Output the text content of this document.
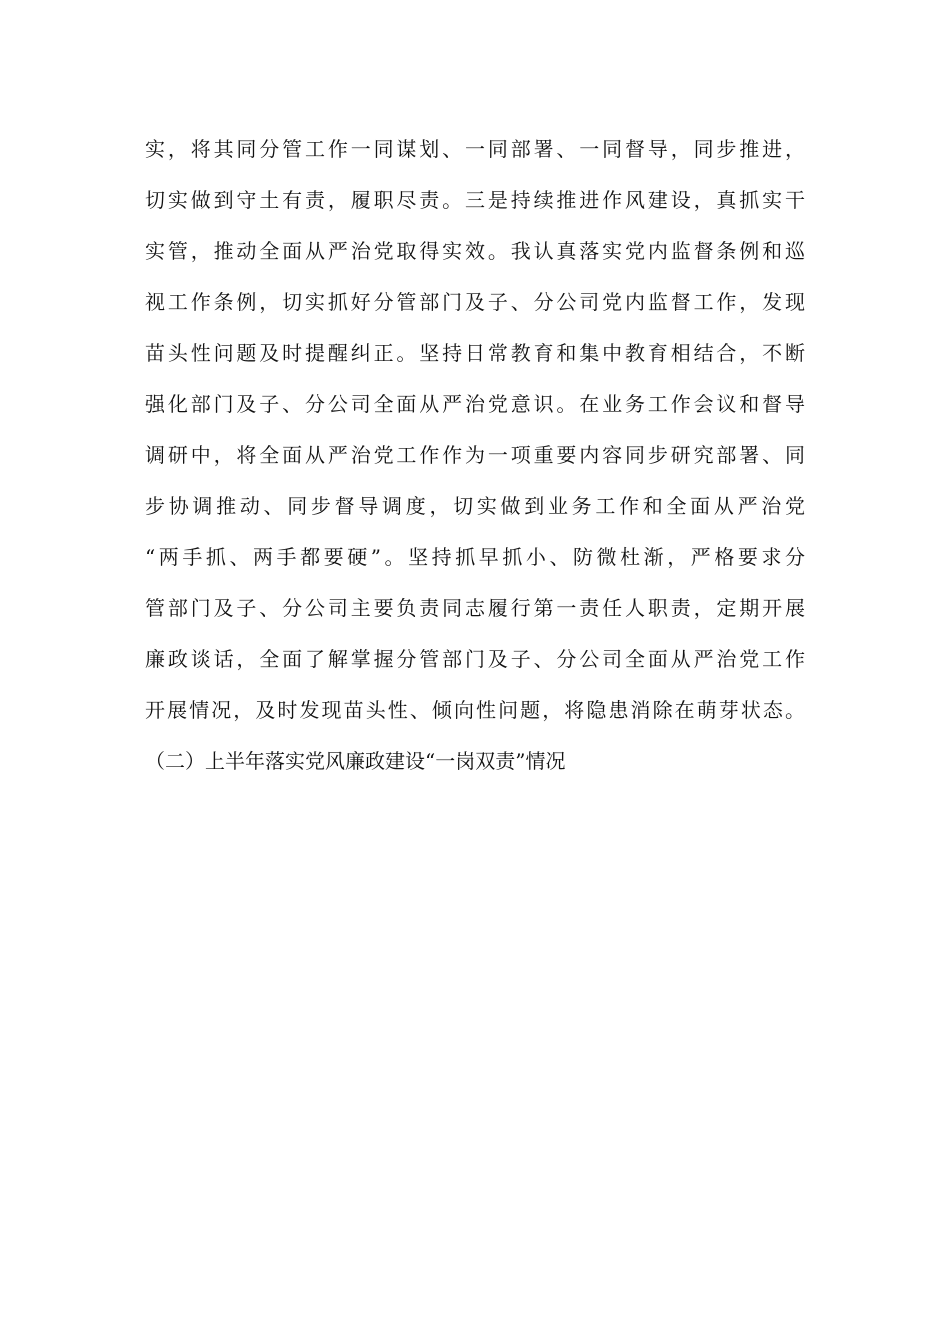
实，将其同分管工作一同谋划、一同部署、一同督导，同步推进，
切实做到守土有责，履职尽责。三是持续推进作风建设，真抓实干
实管，推动全面从严治党取得实效。我认真落实党内监督条例和巡
视工作条例，切实抓好分管部门及子、分公司党内监督工作，发现
苗头性问题及时提醒纠正。坚持日常教育和集中教育相结合，不断
强化部门及子、分公司全面从严治党意识。在业务工作会议和督导
调研中，将全面从严治党工作作为一项重要内容同步研究部署、同
步协调推动、同步督导调度，切实做到业务工作和全面从严治党
“两手抓、两手都要硬”。坚持抓早抓小、防微杜渐，严格要求分
管部门及子、分公司主要负责同志履行第一责任人职责，定期开展
廉政谈话，全面了解掌握分管部门及子、分公司全面从严治党工作
开展情况，及时发现苗头性、倾向性问题，将隐患消除在萌芽状态。
（二）上半年落实党风廉政建设“一岗双责”情况
